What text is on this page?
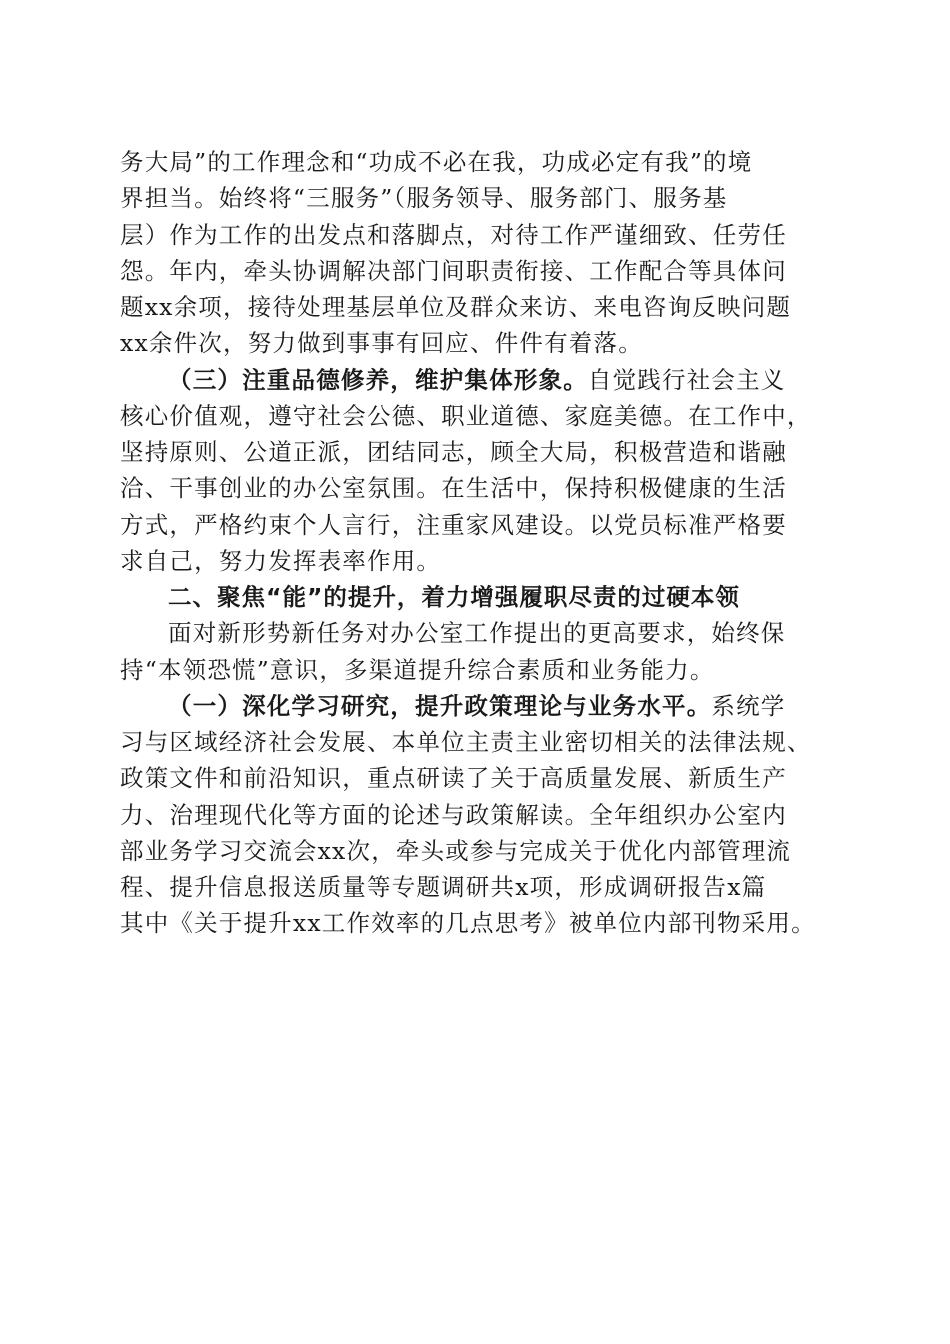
务大局”的工作理念和“功成不必在我，功成必定有我”的境

界担当。始终将“三服务”（服务领导、服务部门、服务基

层）作为工作的出发点和落脚点，对待工作严谨细致、任劳任

怨。年内，牵头协调解决部门间职责衔接、工作配合等具体问

题xx余项，接待处理基层单位及群众来访、来电咨询反映问题

xx余件次，努力做到事事有回应、件件有着落。

（三）注重品德修养，维护集体形象。自觉践行社会主义

核心价值观，遵守社会公德、职业道德、家庭美德。在工作中，

坚持原则、公道正派，团结同志，顾全大局，积极营造和谐融

洽、干事创业的办公室氛围。在生活中，保持积极健康的生活

方式，严格约束个人言行，注重家风建设。以党员标准严格要

求自己，努力发挥表率作用。

二、聚焦“能”的提升，着力增强履职尽责的过硬本领

面对新形势新任务对办公室工作提出的更高要求，始终保

持“本领恐慌”意识，多渠道提升综合素质和业务能力。

（一）深化学习研究，提升政策理论与业务水平。系统学

习与区域经济社会发展、本单位主责主业密切相关的法律法规、

政策文件和前沿知识，重点研读了关于高质量发展、新质生产

力、治理现代化等方面的论述与政策解读。全年组织办公室内

部业务学习交流会xx次，牵头或参与完成关于优化内部管理流

程、提升信息报送质量等专题调研共x项，形成调研报告x篇

其中《关于提升xx工作效率的几点思考》被单位内部刊物采用。
